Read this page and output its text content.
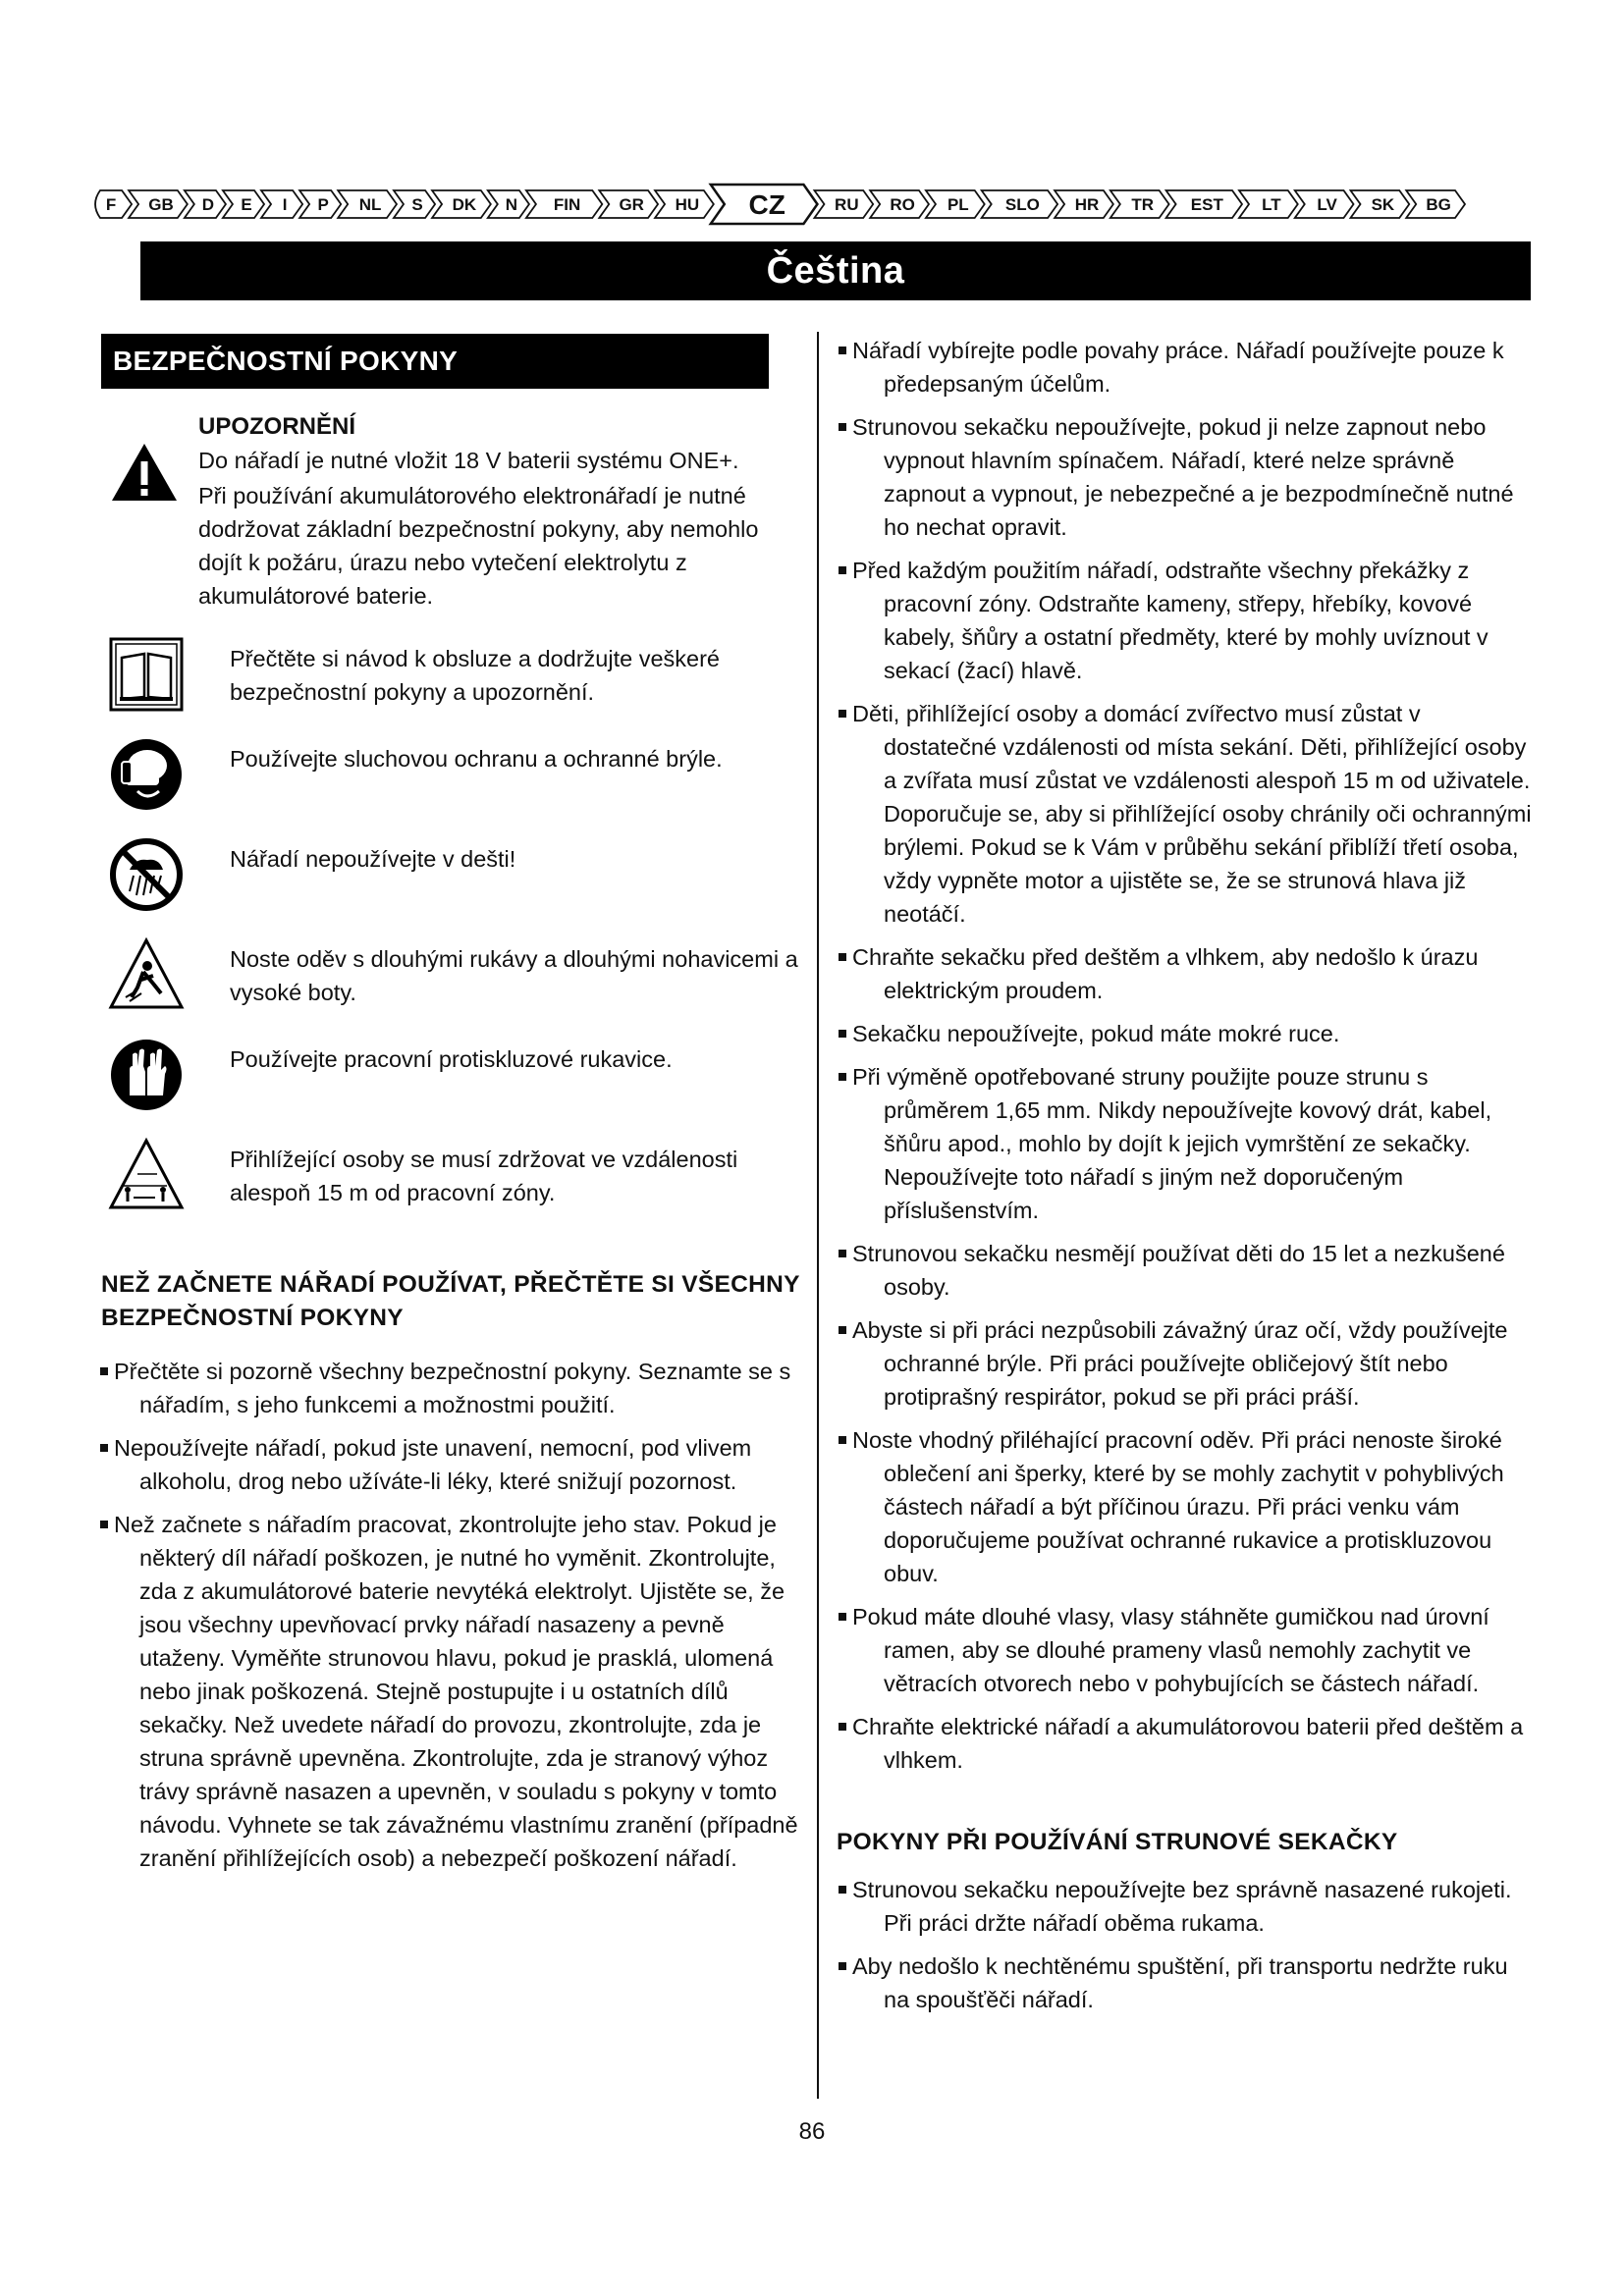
F GB D E I P NL S DK N FIN GR HU CZ	RU RO PL SLO HR TR EST LT LV SK BG
Čeština
BEZPEČNOSTNÍ POKYNY
UPOZORNĚNÍ

Do nářadí je nutné vložit 18 V baterii systému ONE+.

Při používání akumulátorového elektronářadí je nutné dodržovat základní bezpečnostní pokyny, aby nemohlo dojít k požáru, úrazu nebo vytečení elektrolytu z akumulátorové baterie.

Přečtěte si návod k obsluze a dodržujte veškeré bezpečnostní pokyny a upozornění.
Používejte sluchovou ochranu a ochranné brýle.
Nářadí nepoužívejte v dešti!
Noste oděv s dlouhými rukávy a dlouhými nohavicemi a vysoké boty.
Používejte pracovní protiskluzové rukavice.
Přihlížející osoby se musí zdržovat ve vzdálenosti alespoň 15 m od pracovní zóny.
NEŽ ZAČNETE NÁŘADÍ POUŽÍVAT, PŘEČTĚTE SI VŠECHNY BEZPEČNOSTNÍ POKYNY
Přečtěte si pozorně všechny bezpečnostní pokyny. Seznamte se s nářadím, s jeho funkcemi a možnostmi použití.
Nepoužívejte nářadí, pokud jste unavení, nemocní, pod vlivem alkoholu, drog nebo užíváte-li léky, které snižují pozornost.
Než začnete s nářadím pracovat, zkontrolujte jeho stav. Pokud je některý díl nářadí poškozen, je nutné ho vyměnit. Zkontrolujte, zda z akumulátorové baterie nevytéká elektrolyt. Ujistěte se, že jsou všechny upevňovací prvky nářadí nasazeny a pevně utaženy. Vyměňte strunovou hlavu, pokud je prasklá, ulomená nebo jinak poškozená. Stejně postupujte i u ostatních dílů sekačky. Než uvedete nářadí do provozu, zkontrolujte, zda je struna správně upevněna. Zkontrolujte, zda je stranový výhoz trávy správně nasazen a upevněn, v souladu s pokyny v tomto návodu. Vyhnete se tak závažnému vlastnímu zranění (případně zranění přihlížejících osob) a nebezpečí poškození nářadí.
Nářadí vybírejte podle povahy práce. Nářadí používejte pouze k předepsaným účelům.
Strunovou sekačku nepoužívejte, pokud ji nelze zapnout nebo vypnout hlavním spínačem. Nářadí, které nelze správně zapnout a vypnout, je nebezpečné a je bezpodmínečně nutné ho nechat opravit.
Před každým použitím nářadí, odstraňte všechny překážky z pracovní zóny. Odstraňte kameny, střepy, hřebíky, kovové kabely, šňůry a ostatní předměty, které by mohly uvíznout v sekací (žací) hlavě.
Děti, přihlížející osoby a domácí zvířectvo musí zůstat v dostatečné vzdálenosti od místa sekání. Děti, přihlížející osoby a zvířata musí zůstat ve vzdálenosti alespoň 15 m od uživatele. Doporučuje se, aby si přihlížející osoby chránily oči ochrannými brýlemi. Pokud se k Vám v průběhu sekání přiblíží třetí osoba, vždy vypněte motor a ujistěte se, že se strunová hlava již neotáčí.
Chraňte sekačku před deštěm a vlhkem, aby nedošlo k úrazu elektrickým proudem.
Sekačku nepoužívejte, pokud máte mokré ruce.
Při výměně opotřebované struny použijte pouze strunu s průměrem 1,65 mm. Nikdy nepoužívejte kovový drát, kabel, šňůru apod., mohlo by dojít k jejich vymrštění ze sekačky. Nepoužívejte toto nářadí s jiným než doporučeným příslušenstvím.
Strunovou sekačku nesmějí používat děti do 15 let a nezkušené osoby.
Abyste si při práci nezpůsobili závažný úraz očí, vždy používejte ochranné brýle. Při práci používejte obličejový štít nebo protiprašný respirátor, pokud se při práci práší.
Noste vhodný přiléhající pracovní oděv. Při práci nenoste široké oblečení ani šperky, které by se mohly zachytit v pohyblivých částech nářadí a být příčinou úrazu. Při práci venku vám doporučujeme používat ochranné rukavice a protiskluzovou obuv.
Pokud máte dlouhé vlasy, vlasy stáhněte gumičkou nad úrovní ramen, aby se dlouhé prameny vlasů nemohly zachytit ve větracích otvorech nebo v pohybujících se částech nářadí.
Chraňte elektrické nářadí a akumulátorovou baterii před deštěm a vlhkem.
POKYNY PŘI POUŽÍVÁNÍ STRUNOVÉ SEKAČKY
Strunovou sekačku nepoužívejte bez správně nasazené rukojeti. Při práci držte nářadí oběma rukama.
Aby nedošlo k nechtěnému spuštění, při transportu nedržte ruku na spoušťěči nářadí.
86
